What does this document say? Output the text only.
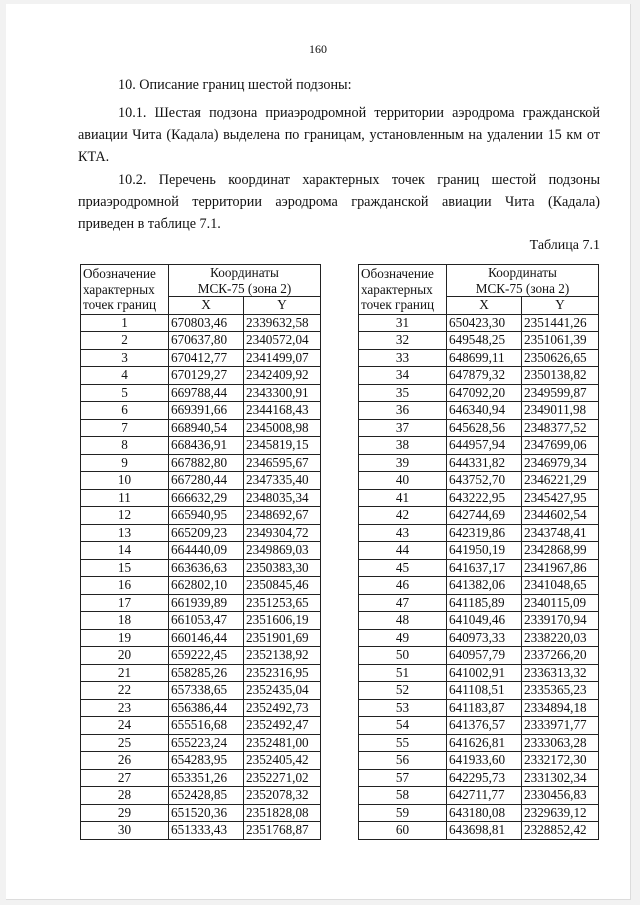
160

10. Описание границ шестой подзоны:

10.1. Шестая подзона приаэродромной территории аэродрома гражданской авиации Чита (Кадала) выделена по границам, установленным на удалении 15 км от КТА.

10.2. Перечень координат характерных точек границ шестой подзоны приаэродромной территории аэродрома гражданской авиации Чита (Кадала) приведен в таблице 7.1.

Таблица 7.1
Обозначение
характерных
точек границ	Координаты
МСК-75 (зона 2)	
	X	Y
1	670803,46	2339632,58
2	670637,80	2340572,04
3	670412,77	2341499,07
4	670129,27	2342409,92
5	669788,44	2343300,91
6	669391,66	2344168,43
7	668940,54	2345008,98
8	668436,91	2345819,15
9	667882,80	2346595,67
10	667280,44	2347335,40
11	666632,29	2348035,34
12	665940,95	2348692,67
13	665209,23	2349304,72
14	664440,09	2349869,03
15	663636,63	2350383,30
16	662802,10	2350845,46
17	661939,89	2351253,65
18	661053,47	2351606,19
19	660146,44	2351901,69
20	659222,45	2352138,92
21	658285,26	2352316,95
22	657338,65	2352435,04
23	656386,44	2352492,73
24	655516,68	2352492,47
25	655223,24	2352481,00
26	654283,95	2352405,42
27	653351,26	2352271,02
28	652428,85	2352078,32
29	651520,36	2351828,08
30	651333,43	2351768,87
Обозначение
характерных
точек границ	Координаты
МСК-75 (зона 2)	
	X	Y
31	650423,30	2351441,26
32	649548,25	2351061,39
33	648699,11	2350626,65
34	647879,32	2350138,82
35	647092,20	2349599,87
36	646340,94	2349011,98
37	645628,56	2348377,52
38	644957,94	2347699,06
39	644331,82	2346979,34
40	643752,70	2346221,29
41	643222,95	2345427,95
42	642744,69	2344602,54
43	642319,86	2343748,41
44	641950,19	2342868,99
45	641637,17	2341967,86
46	641382,06	2341048,65
47	641185,89	2340115,09
48	641049,46	2339170,94
49	640973,33	2338220,03
50	640957,79	2337266,20
51	641002,91	2336313,32
52	641108,51	2335365,23
53	641183,87	2334894,18
54	641376,57	2333971,77
55	641626,81	2333063,28
56	641933,60	2332172,30
57	642295,73	2331302,34
58	642711,77	2330456,83
59	643180,08	2329639,12
60	643698,81	2328852,42
